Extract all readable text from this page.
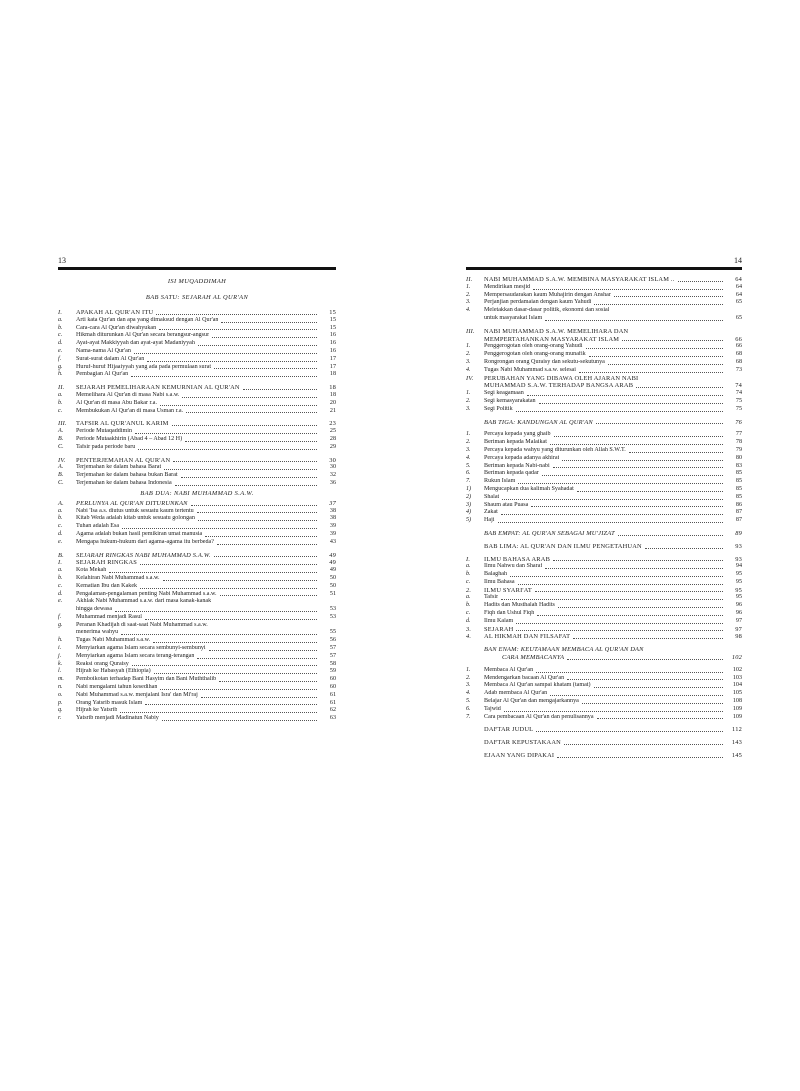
13
ISI MUQADDIMAH
BAB SATU: SEJARAH AL QUR'AN
I.	APAKAH AL QUR'AN ITU	15
a.	Arti kata Qur'an dan apa yang dimaksud dengan Al Qur'an	15
b.	Cara-cara Al Qur'an diwahyukan	15
c.	Hikmah diturunkan Al Qur'an secara berangsur-angsur	16
d.	Ayat-ayat Makkiyyah dan ayat-ayat Madaniyyah	16
e.	Nama-nama Al Qur'an	16
f.	Surat-surat dalam Al Qur'an	17
g.	Huruf-huruf Hijaaiyyah yang ada pada permulaan surat	17
h.	Pembagian Al Qur'an	18
II.	SEJARAH PEMELIHARAAN KEMURNIAN AL QUR'AN	18
a.	Memelihara Al Qur'an di masa Nabi s.a.w.	18
b.	Al Qur'an di masa Abu Bakar r.a.	20
c.	Membukukan Al Qur'an di masa Usman r.a.	21
III.	TAFSIR AL QUR'ANUL KARIM	23
A.	Periode Mutaqaddimin	25
B.	Periode Mutaakhirin (Abad 4 – Abad 12 H)	28
C.	Tafsir pada periode baru	29
IV.	PENTERJEMAHAN AL QUR'AN	30
A.	Terjemahan ke dalam bahasa Barat	30
B.	Terjemahan ke dalam bahasa bukan Barat	32
C.	Terjemahan ke dalam bahasa Indonesia	36
BAB DUA: NABI MUHAMMAD S.A.W.
A.	PERLUNYA AL QUR'AN DITURUNKAN	37
a.	Nabi 'Isa a.s. diutus untuk sesuatu kaum tertentu	38
b.	Kitab Weda adalah kitab untuk sesuatu golongan	38
c.	Tuhan adalah Esa	39
d.	Agama adalah bukan hasil pemikiran umat manusia	39
e.	Mengapa hukum-hukum dari agama-agama itu berbeda?	43
B.	SEJARAH RINGKAS NABI MUHAMMAD S.A.W.	49
I.	SEJARAH RINGKAS	49
a.	Kota Mekah	49
b.	Kelahiran Nabi Muhammad s.a.w.	50
c.	Kematian Ibu dan Kakek	50
d.	Pengalaman-pengalaman penting Nabi Muhammad s.a.w.	51
e.	Akhlak Nabi Muhammad s.a.w. dari masa kanak-kanak
hingga dewasa	53
f.	Muhammad menjadi Rasul	53
g.	Peranan Khadijah di saat-saat Nabi Muhammad s.a.w.
menerima wahyu	55
h.	Tugas Nabi Muhammad s.a.w.	56
i.	Menyiarkan agama Islam secara sembunyi-sembunyi	57
j.	Menyiarkan agama Islam secara terang-terangan	57
k.	Reaksi orang Quraisy	58
l.	Hijrah ke Habasyah (Ethiopia)	59
m.	Pemboikotan terhadap Bani Hasyim dan Bani Muththalib	60
n.	Nabi mengalami tahun kesedihan	60
o.	Nabi Muhammad s.a.w. menjalani Isra' dan Mi'raj	61
p.	Orang Yatsrib masuk Islam	61
q.	Hijrah ke Yatsrib	62
r.	Yatsrib menjadi Madinatun Nabiy	63
14
II.	NABI MUHAMMAD S.A.W. MEMBINA MASYARAKAT ISLAM ..	64
1.	Mendirikan mesjid	64
2.	Mempersaudarakan kaum Muhajirin dengan Anshar	64
3.	Perjanjian perdamaian dengan kaum Yahudi	65
4.	Meletakkan dasar-dasar politik, ekonomi dan sosial
untuk masyarakat Islam	65
III.	NABI MUHAMMAD S.A.W. MEMELIHARA DAN
MEMPERTAHANKAN MASYARAKAT ISLAM	66
1.	Penggerogotan oleh orang-orang Yahudi	66
2.	Penggerogotan oleh orang-orang munafik	68
3.	Rongrongan orang Quraisy dan sekutu-sekutunya	68
4.	Tugas Nabi Muhammad s.a.w. selesai	73
IV.	PERUBAHAN YANG DIBAWA OLEH AJARAN NABI
MUHAMMAD S.A.W. TERHADAP BANGSA ARAB	74
1.	Segi keagamaan	74
2.	Segi kemasyarakatan	75
3.	Segi Politik	75
BAB TIGA: KANDUNGAN AL QUR'AN	76
1.	Percaya kepada yang ghaib	77
2.	Beriman kepada Malaikat	78
3.	Percaya kepada wahyu yang diturunkan oleh Allah S.W.T.	79
4.	Percaya kepada adanya akhirat	80
5.	Beriman kepada Nabi-nabi	83
6.	Beriman kepada qadar	85
7.	Rukun Islam	85
1)	Mengucapkan dua kalimah Syahadat	85
2)	Shalat	85
3)	Shaum atau Puasa	86
4)	Zakat	87
5)	Haji	87
BAB EMPAT: AL QUR'AN SEBAGAI MU'JIZAT	89
BAB LIMA: AL QUR'AN DAN ILMU PENGETAHUAN	93
I.	ILMU BAHASA ARAB	93
a.	Ilmu Nahwu dan Sharaf	94
b.	Balaghah	95
c.	Ilmu Bahasa	95
2.	ILMU SYARI'AT	95
a.	Tafsir	95
b.	Hadits dan Musthalah Hadits	96
c.	Fiqh dan Ushul Fiqh	96
d.	Ilmu Kalam	97
3.	SEJARAH	97
4.	AL HIKMAH DAN FILSAFAT	98
BAN ENAM: KEUTAMAAN MEMBACA AL QUR'AN DAN
CARA MEMBACANYA	102
1.	Membaca Al Qur'an	102
2.	Mendengarkan bacaan Al Qur'an	103
3.	Membaca Al Qur'an sampai khatam (tamat)	104
4.	Adab membaca Al Qur'an	105
5.	Belajar Al Qur'an dan mengajarkannya	108
6.	Tajwid	109
7.	Cara pembacaan Al Qur'an dan penulisannya	109
DAFTAR JUDUL	112
DAFTAR KEPUSTAKAAN	143
EJAAN YANG DIPAKAI	145
